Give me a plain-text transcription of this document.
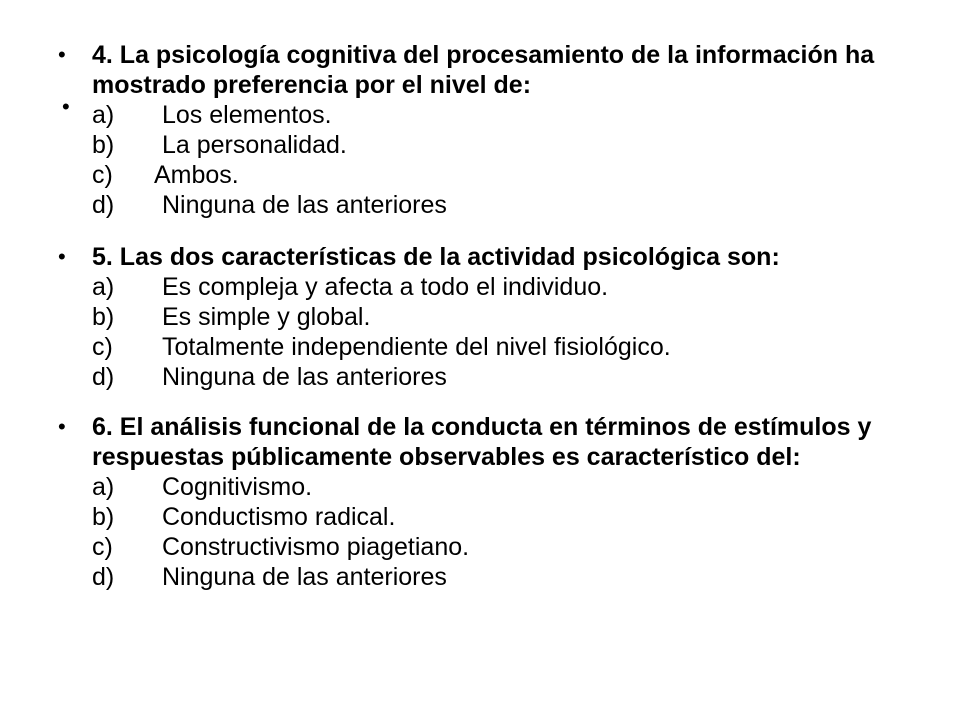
•
•
4. La psicología cognitiva del procesamiento de la información ha mostrado preferencia por el nivel de:
a) Los elementos.
b) La personalidad.
c) Ambos.
d) Ninguna de las anteriores
• 5. Las dos características de la actividad psicológica son:
a) Es compleja y afecta a todo el individuo.
b) Es simple y global.
c) Totalmente independiente del nivel fisiológico.
d) Ninguna de las anteriores
• 6. El análisis funcional de la conducta en términos de estímulos y respuestas públicamente observables es característico del:
a) Cognitivismo.
b) Conductismo radical.
c) Constructivismo piagetiano.
d) Ninguna de las anteriores
